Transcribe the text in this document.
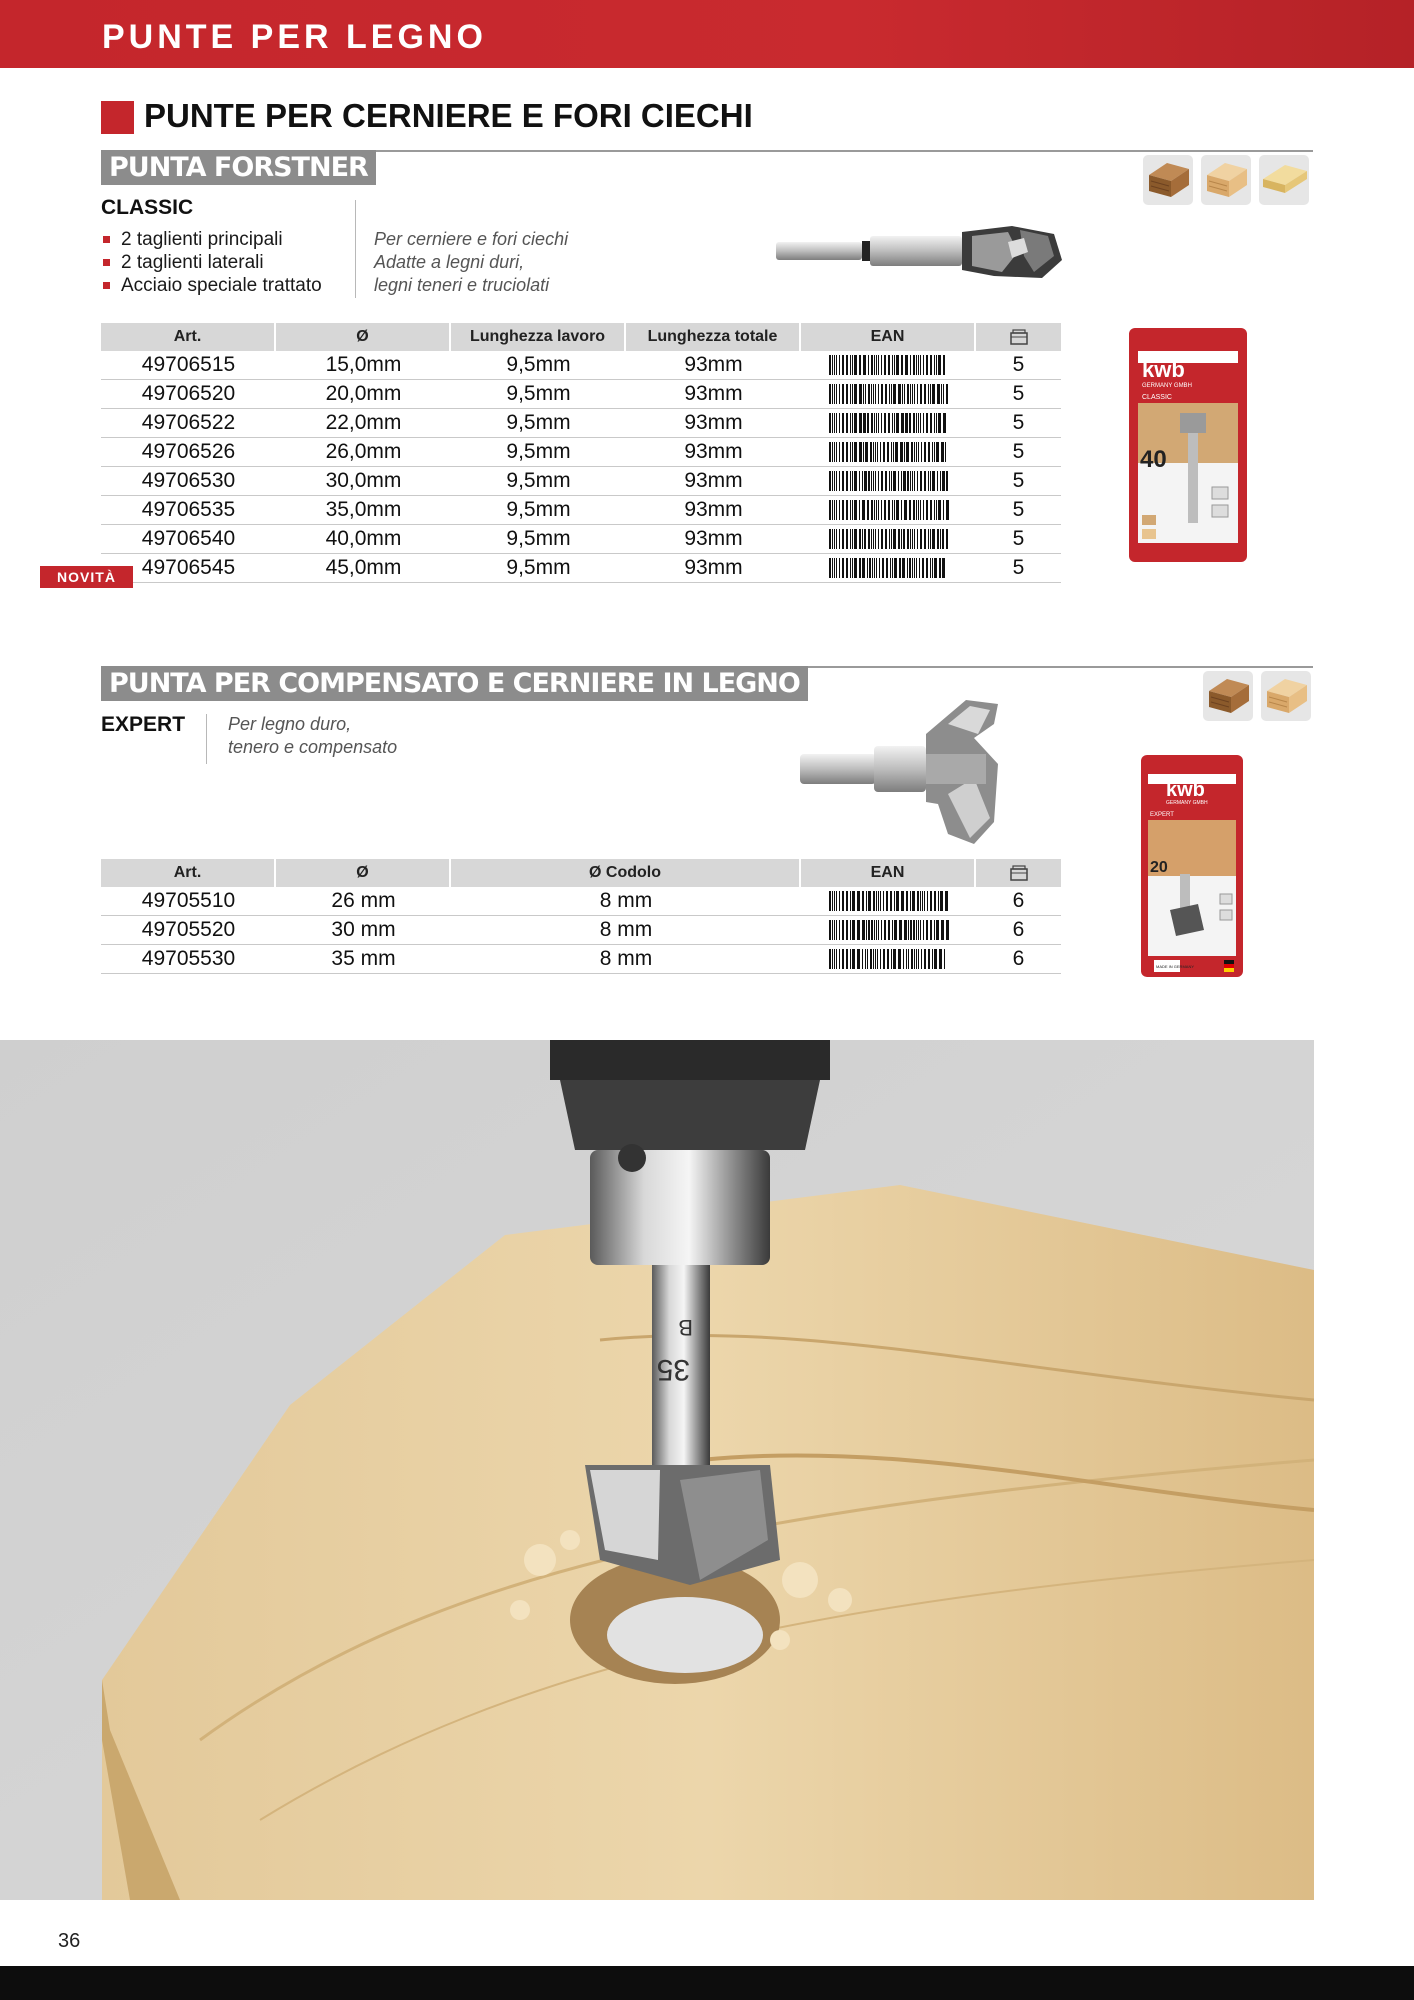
PUNTE PER LEGNO
PUNTE PER CERNIERE E FORI CIECHI
PUNTA FORSTNER
CLASSIC
2 taglienti principali
2 taglienti laterali
Acciaio speciale trattato
Per cerniere e fori ciechi
Adatte a legni duri,
legni teneri e truciolati
Art.	Ø	Lunghezza lavoro	Lunghezza totale	EAN	
49706515	15,0mm	9,5mm	93mm		5
49706520	20,0mm	9,5mm	93mm		5
49706522	22,0mm	9,5mm	93mm		5
49706526	26,0mm	9,5mm	93mm		5
49706530	30,0mm	9,5mm	93mm		5
49706535	35,0mm	9,5mm	93mm		5
49706540	40,0mm	9,5mm	93mm		5
49706545	45,0mm	9,5mm	93mm		5
NOVITÀ
kwb
GERMANY GMBH
CLASSIC
40
PUNTA PER COMPENSATO E CERNIERE IN LEGNO
EXPERT Per legno duro,
tenero e compensato
Art.	Ø	Ø Codolo	EAN	
49705510	26 mm	8 mm		6
49705520	30 mm	8 mm		6
49705530	35 mm	8 mm		6
kwb
GERMANY GMBH
EXPERT
20
MADE IN GERMANY
B
35
36
